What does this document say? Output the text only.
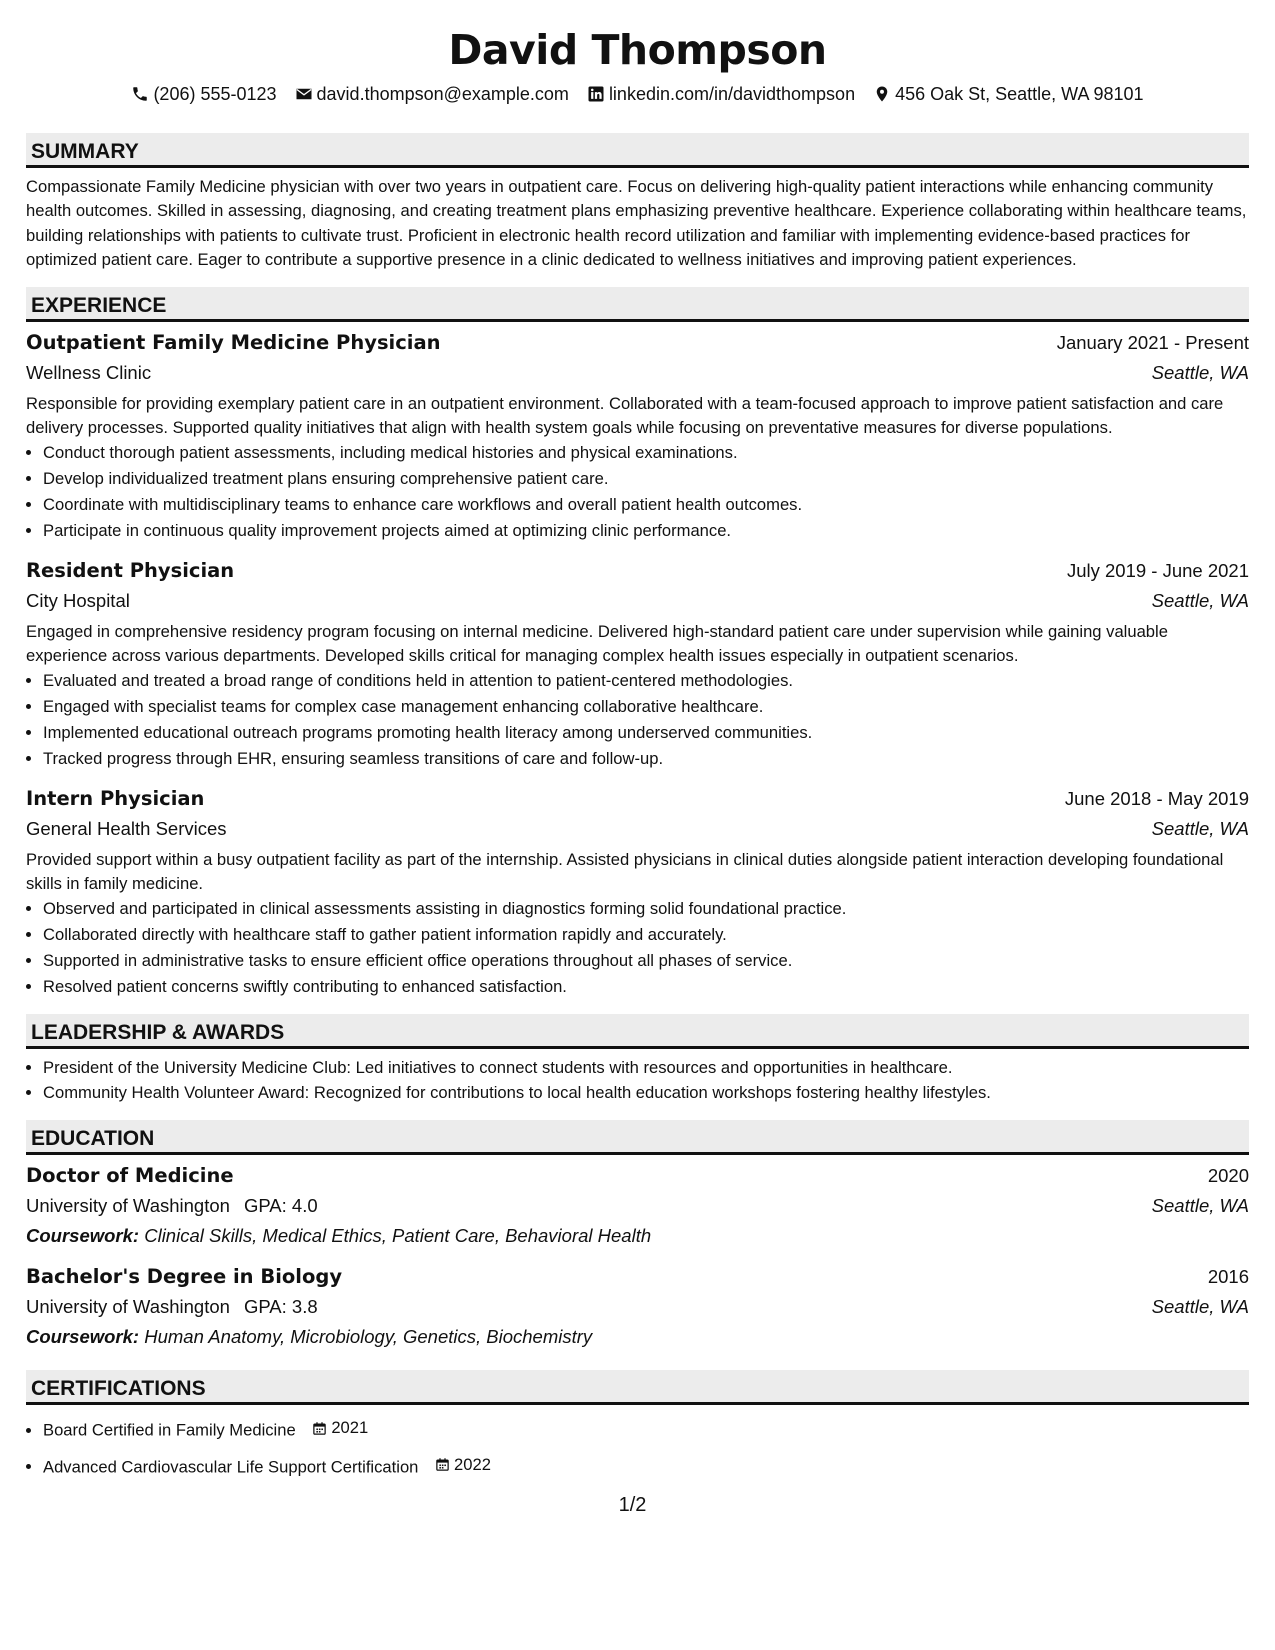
David Thompson
(206) 555-0123 david.thompson@example.com linkedin.com/in/davidthompson 456 Oak St, Seattle, WA 98101
SUMMARY

Compassionate Family Medicine physician with over two years in outpatient care. Focus on delivering high-quality patient interactions while enhancing community health outcomes. Skilled in assessing, diagnosing, and creating treatment plans emphasizing preventive healthcare. Experience collaborating within healthcare teams, building relationships with patients to cultivate trust. Proficient in electronic health record utilization and familiar with implementing evidence-based practices for optimized patient care. Eager to contribute a supportive presence in a clinic dedicated to wellness initiatives and improving patient experiences.

EXPERIENCE
Outpatient Family Medicine Physician	January 2021 - Present
Wellness Clinic	Seattle, WA

Responsible for providing exemplary patient care in an outpatient environment. Collaborated with a team-focused approach to improve patient satisfaction and care delivery processes. Supported quality initiatives that align with health system goals while focusing on preventative measures for diverse populations.

• Conduct thorough patient assessments, including medical histories and physical examinations.
• Develop individualized treatment plans ensuring comprehensive patient care.
• Coordinate with multidisciplinary teams to enhance care workflows and overall patient health outcomes.
• Participate in continuous quality improvement projects aimed at optimizing clinic performance.
Resident Physician	July 2019 - June 2021
City Hospital	Seattle, WA

Engaged in comprehensive residency program focusing on internal medicine. Delivered high-standard patient care under supervision while gaining valuable experience across various departments. Developed skills critical for managing complex health issues especially in outpatient scenarios.

• Evaluated and treated a broad range of conditions held in attention to patient-centered methodologies.
• Engaged with specialist teams for complex case management enhancing collaborative healthcare.
• Implemented educational outreach programs promoting health literacy among underserved communities.
• Tracked progress through EHR, ensuring seamless transitions of care and follow-up.
Intern Physician	June 2018 - May 2019
General Health Services	Seattle, WA

Provided support within a busy outpatient facility as part of the internship. Assisted physicians in clinical duties alongside patient interaction developing foundational skills in family medicine.

• Observed and participated in clinical assessments assisting in diagnostics forming solid foundational practice.
• Collaborated directly with healthcare staff to gather patient information rapidly and accurately.
• Supported in administrative tasks to ensure efficient office operations throughout all phases of service.
• Resolved patient concerns swiftly contributing to enhanced satisfaction.
LEADERSHIP & AWARDS
• President of the University Medicine Club: Led initiatives to connect students with resources and opportunities in healthcare.
• Community Health Volunteer Award: Recognized for contributions to local health education workshops fostering healthy lifestyles.
EDUCATION
Doctor of Medicine	2020
University of Washington GPA: 4.0	Seattle, WA
Coursework: Clinical Skills, Medical Ethics, Patient Care, Behavioral Health
Bachelor's Degree in Biology	2016
University of Washington GPA: 3.8	Seattle, WA
Coursework: Human Anatomy, Microbiology, Genetics, Biochemistry
CERTIFICATIONS
• Board Certified in Family Medicine 2021
• Advanced Cardiovascular Life Support Certification 2022
1/2
